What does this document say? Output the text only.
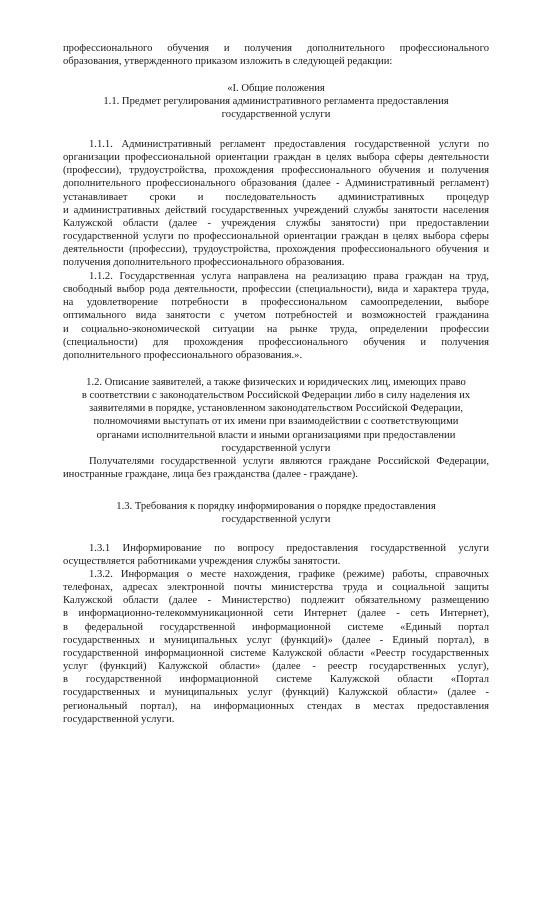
профессионального обучения и получения дополнительного профессионального

образования, утвержденного приказом изложить в следующей редакции:

«I. Общие положения

1.1. Предмет регулирования административного регламента предоставления

государственной услуги

1.1.1. Административный регламент предоставления государственной услуги по

организации профессиональной ориентации граждан в целях выбора сферы деятельности

(профессии), трудоустройства, прохождения профессионального обучения и получения

дополнительного профессионального образования (далее - Административный регламент)

устанавливает сроки и последовательность административных процедур

и административных действий государственных учреждений службы занятости населения

Калужской области (далее - учреждения службы занятости) при предоставлении

государственной услуги по профессиональной ориентации граждан в целях выбора сферы

деятельности (профессии), трудоустройства, прохождения профессионального обучения и

получения дополнительного профессионального образования.

1.1.2. Государственная услуга направлена на реализацию права граждан на труд,

свободный выбор рода деятельности, профессии (специальности), вида и характера труда,

на удовлетворение потребности в профессиональном самоопределении, выборе

оптимального вида занятости с учетом потребностей и возможностей гражданина

и социально-экономической ситуации на рынке труда, определении профессии

(специальности) для прохождения профессионального обучения и получения

дополнительного профессионального образования.».

1.2. Описание заявителей, а также физических и юридических лиц, имеющих право

в соответствии с законодательством Российской Федерации либо в силу наделения их

заявителями в порядке, установленном законодательством Российской Федерации,

полномочиями выступать от их имени при взаимодействии с соответствующими

органами исполнительной власти и иными организациями при предоставлении

государственной услуги

Получателями государственной услуги являются граждане Российской Федерации,

иностранные граждане, лица без гражданства (далее - граждане).

1.3. Требования к порядку информирования о порядке предоставления

государственной услуги

1.3.1 Информирование по вопросу предоставления государственной услуги

осуществляется работниками учреждения службы занятости.

1.3.2. Информация о месте нахождения, графике (режиме) работы, справочных

телефонах, адресах электронной почты министерства труда и социальной защиты

Калужской области (далее - Министерство) подлежит обязательному размещению

в информационно-телекоммуникационной сети Интернет (далее - сеть Интернет),

в федеральной государственной информационной системе «Единый портал

государственных и муниципальных услуг (функций)» (далее - Единый портал), в

государственной информационной системе Калужской области «Реестр государственных

услуг (функций) Калужской области» (далее - реестр государственных услуг),

в государственной информационной системе Калужской области «Портал

государственных и муниципальных услуг (функций) Калужской области» (далее -

региональный портал), на информационных стендах в местах предоставления

государственной услуги.
